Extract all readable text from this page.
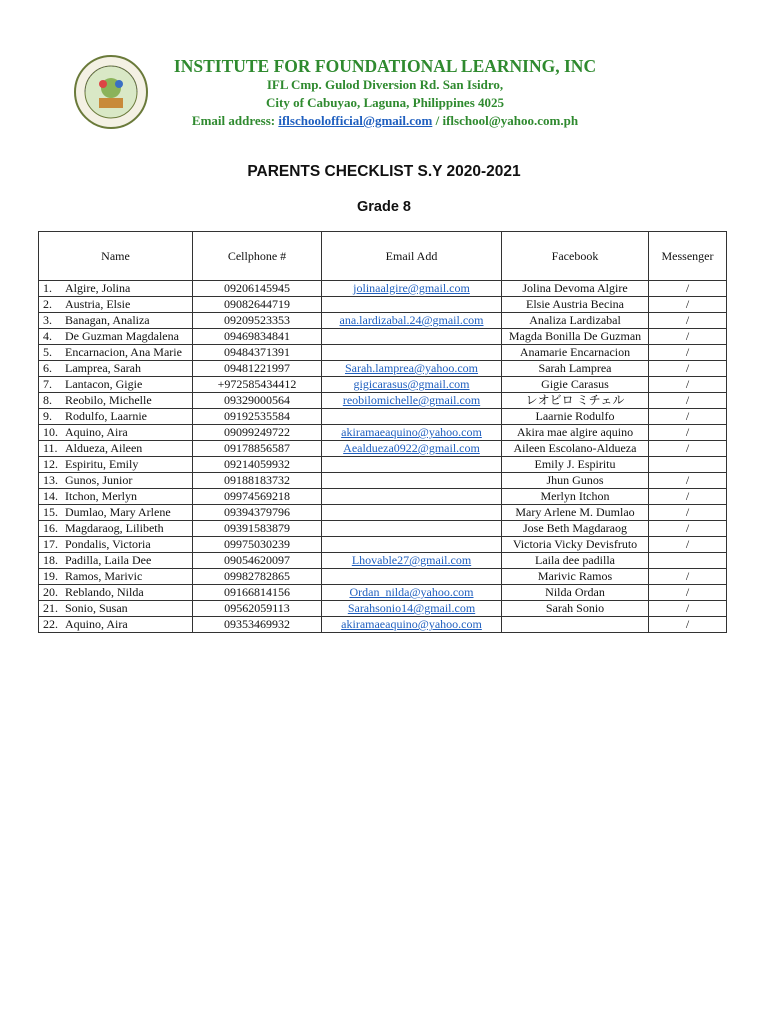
INSTITUTE FOR FOUNDATIONAL LEARNING, INC
IFL Cmp. Gulod Diversion Rd. San Isidro,
City of Cabuyao, Laguna, Philippines 4025
Email address: iflschoolofficial@gmail.com / iflschool@yahoo.com.ph
PARENTS CHECKLIST S.Y 2020-2021
Grade 8
Name	Cellphone #	Email Add	Facebook	Messenger
1. Algire, Jolina	09206145945	jolinaalgire@gmail.com	Jolina Devoma Algire	/
2. Austria, Elsie	09082644719		Elsie Austria Becina	/
3. Banagan, Analiza	09209523353	ana.lardizabal.24@gmail.com	Analiza Lardizabal	/
4. De Guzman Magdalena	09469834841		Magda Bonilla De Guzman	/
5. Encarnacion, Ana Marie	09484371391		Anamarie Encarnacion	/
6. Lamprea, Sarah	09481221997	Sarah.lamprea@yahoo.com	Sarah Lamprea	/
7. Lantacon, Gigie	+972585434412	gigicarasus@gmail.com	Gigie Carasus	/
8. Reobilo, Michelle	09329000564	reobilomichelle@gmail.com	レオビロ ミチェル	/
9. Rodulfo, Laarnie	09192535584		Laarnie Rodulfo	/
10. Aquino, Aira	09099249722	akiramaeaquino@yahoo.com	Akira mae algire aquino	/
11. Aldueza, Aileen	09178856587	Aealdueza0922@gmail.com	Aileen Escolano-Aldueza	/
12. Espiritu, Emily	09214059932		Emily J. Espiritu	
13. Gunos, Junior	09188183732		Jhun Gunos	/
14. Itchon, Merlyn	09974569218		Merlyn Itchon	/
15. Dumlao, Mary Arlene	09394379796		Mary Arlene M. Dumlao	/
16. Magdaraog, Lilibeth	09391583879		Jose Beth Magdaraog	/
17. Pondalis, Victoria	09975030239		Victoria Vicky Devisfruto	/
18. Padilla, Laila Dee	09054620097	Lhovable27@gmail.com	Laila dee padilla	
19. Ramos, Marivic	09982782865		Marivic Ramos	/
20. Reblando, Nilda	09166814156	Ordan_nilda@yahoo.com	Nilda Ordan	/
21. Sonio, Susan	09562059113	Sarahsonio14@gmail.com	Sarah Sonio	/
22. Aquino, Aira	09353469932	akiramaeaquino@yahoo.com		/
